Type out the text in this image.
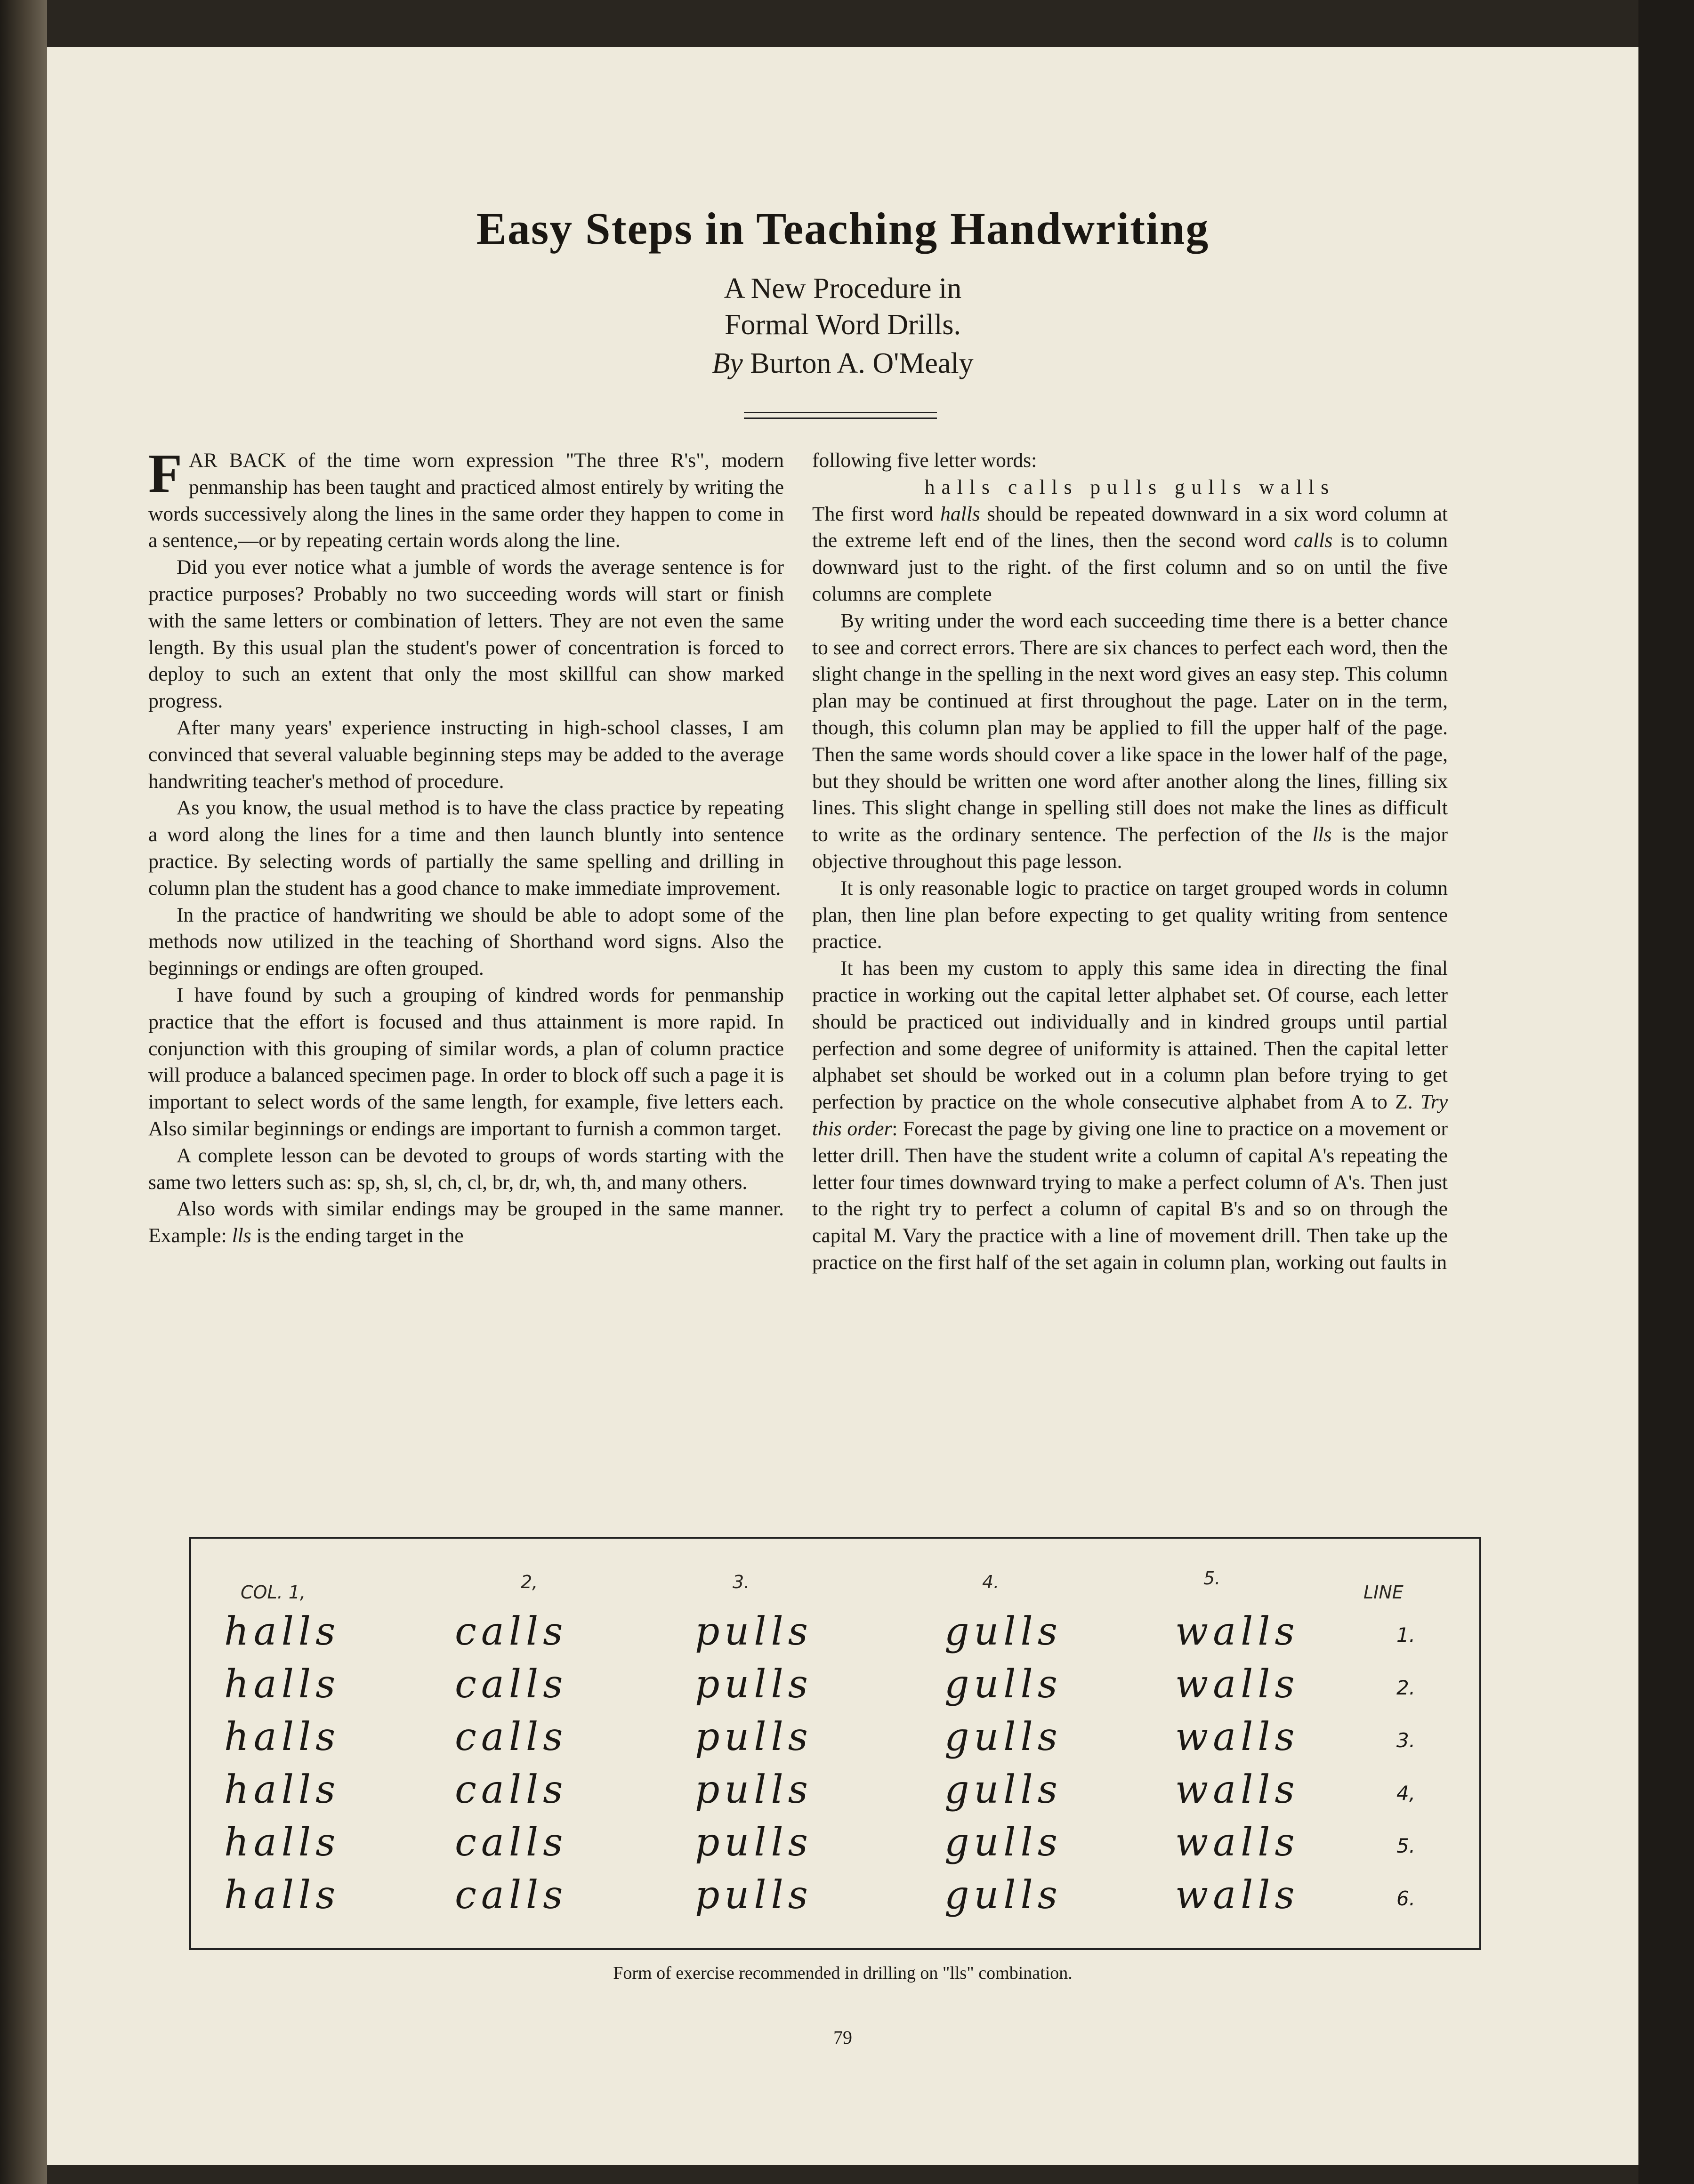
Easy Steps in Teaching Handwriting
A New Procedure in
Formal Word Drills.
By Burton A. O'Mealy

FAR BACK of the time worn expression "The three R's", modern penmanship has been taught and practiced almost entirely by writing the words successively along the lines in the same order they happen to come in a sentence,—or by repeating certain words along the line.

Did you ever notice what a jumble of words the average sentence is for practice purposes? Probably no two succeeding words will start or finish with the same letters or combination of letters. They are not even the same length. By this usual plan the student's power of concentration is forced to deploy to such an extent that only the most skillful can show marked progress.

After many years' experience instructing in high-school classes, I am convinced that several valuable beginning steps may be added to the average handwriting teacher's method of procedure.

As you know, the usual method is to have the class practice by repeating a word along the lines for a time and then launch bluntly into sentence practice. By selecting words of partially the same spelling and drilling in column plan the student has a good chance to make immediate improvement.

In the practice of handwriting we should be able to adopt some of the methods now utilized in the teaching of Shorthand word signs. Also the beginnings or endings are often grouped.

I have found by such a grouping of kindred words for penmanship practice that the effort is focused and thus attainment is more rapid. In conjunction with this grouping of similar words, a plan of column practice will produce a balanced specimen page. In order to block off such a page it is important to select words of the same length, for example, five letters each. Also similar beginnings or endings are important to furnish a common target.

A complete lesson can be devoted to groups of words starting with the same two letters such as: sp, sh, sl, ch, cl, br, dr, wh, th, and many others.

Also words with similar endings may be grouped in the same manner. Example: lls is the ending target in the

following five letter words:

halls calls pulls gulls walls

The first word halls should be repeated downward in a six word column at the extreme left end of the lines, then the second word calls is to column downward just to the right. of the first column and so on until the five columns are complete

By writing under the word each succeeding time there is a better chance to see and correct errors. There are six chances to perfect each word, then the slight change in the spelling in the next word gives an easy step. This column plan may be continued at first throughout the page. Later on in the term, though, this column plan may be applied to fill the upper half of the page. Then the same words should cover a like space in the lower half of the page, but they should be written one word after another along the lines, filling six lines. This slight change in spelling still does not make the lines as difficult to write as the ordinary sentence. The perfection of the lls is the major objective throughout this page lesson.

It is only reasonable logic to practice on target grouped words in column plan, then line plan before expecting to get quality writing from sentence practice.

It has been my custom to apply this same idea in directing the final practice in working out the capital letter alphabet set. Of course, each letter should be practiced out individually and in kindred groups until partial perfection and some degree of uniformity is attained. Then the capital letter alphabet set should be worked out in a column plan before trying to get perfection by practice on the whole consecutive alphabet from A to Z. Try this order: Forecast the page by giving one line to practice on a movement or letter drill. Then have the student write a column of capital A's repeating the letter four times downward trying to make a perfect column of A's. Then just to the right try to perfect a column of capital B's and so on through the capital M. Vary the practice with a line of movement drill. Then take up the practice on the first half of the set again in column plan, working out faults in

COL. 1,	2,	3.	4.	5.
LINE
halls	calls	pulls	gulls	walls	1.
halls	calls	pulls	gulls	walls	2.
halls	calls	pulls	gulls	walls	3.
halls	calls	pulls	gulls	walls	4,
halls	calls	pulls	gulls	walls	5.
halls	calls	pulls	gulls	walls	6.
Form of exercise recommended in drilling on "lls" combination.
79
